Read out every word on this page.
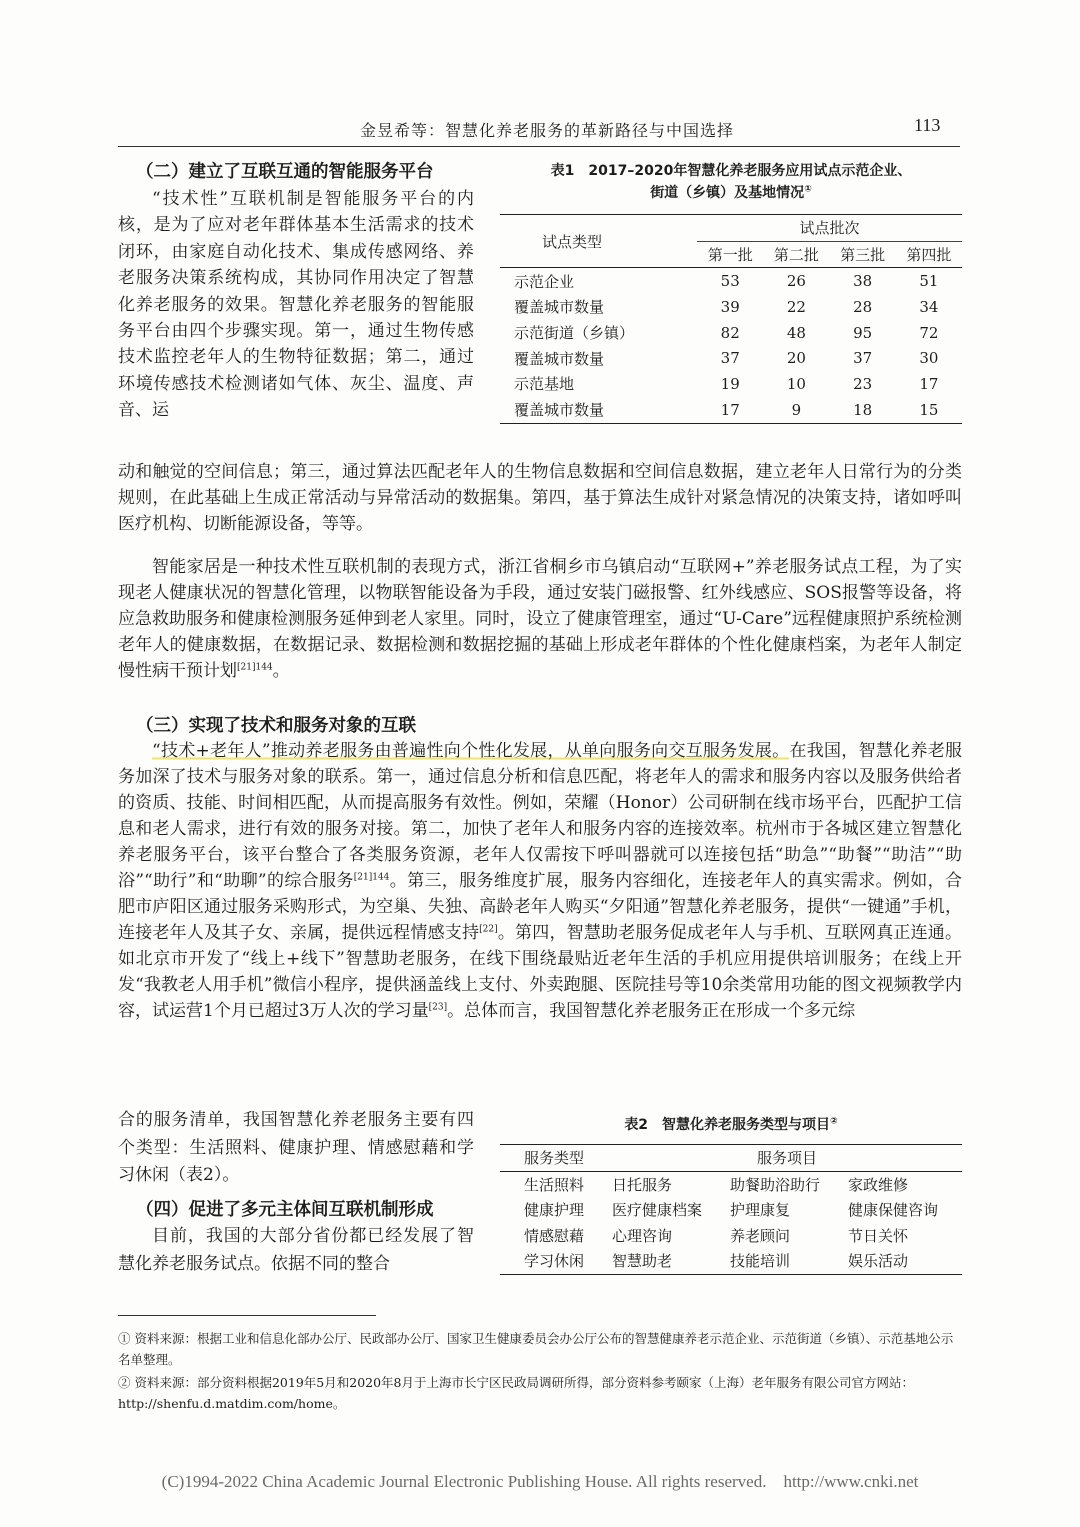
金昱希等：智慧化养老服务的革新路径与中国选择	113
（二）建立了互联互通的智能服务平台
“技术性”互联机制是智能服务平台的内核，是为了应对老年群体基本生活需求的技术闭环，由家庭自动化技术、集成传感网络、养老服务决策系统构成，其协同作用决定了智慧化养老服务的效果。智慧化养老服务的智能服务平台由四个步骤实现。第一，通过生物传感技术监控老年人的生物特征数据；第二，通过环境传感技术检测诸如气体、灰尘、温度、声音、运
表1　2017–2020年智慧化养老服务应用试点示范企业、
街道（乡镇）及基地情况①
试点类型	试点批次			
	第一批	第二批	第三批	第四批
示范企业	53	26	38	51
覆盖城市数量	39	22	28	34
示范街道（乡镇）	82	48	95	72
覆盖城市数量	37	20	37	30
示范基地	19	10	23	17
覆盖城市数量	17	9	18	15
动和触觉的空间信息；第三，通过算法匹配老年人的生物信息数据和空间信息数据，建立老年人日常行为的分类规则，在此基础上生成正常活动与异常活动的数据集。第四，基于算法生成针对紧急情况的决策支持，诸如呼叫医疗机构、切断能源设备，等等。
智能家居是一种技术性互联机制的表现方式，浙江省桐乡市乌镇启动“互联网+”养老服务试点工程，为了实现老人健康状况的智慧化管理，以物联智能设备为手段，通过安装门磁报警、红外线感应、SOS报警等设备，将应急救助服务和健康检测服务延伸到老人家里。同时，设立了健康管理室，通过“U-Care”远程健康照护系统检测老年人的健康数据，在数据记录、数据检测和数据挖掘的基础上形成老年群体的个性化健康档案，为老年人制定慢性病干预计划$^{[21]144}$。
（三）实现了技术和服务对象的互联
“技术+老年人”推动养老服务由普遍性向个性化发展，从单向服务向交互服务发展。在我国，智慧化养老服务加深了技术与服务对象的联系。第一，通过信息分析和信息匹配，将老年人的需求和服务内容以及服务供给者的资质、技能、时间相匹配，从而提高服务有效性。例如，荣耀（Honor）公司研制在线市场平台，匹配护工信息和老人需求，进行有效的服务对接。第二，加快了老年人和服务内容的连接效率。杭州市于各城区建立智慧化养老服务平台，该平台整合了各类服务资源，老年人仅需按下呼叫器就可以连接包括“助急”“助餐”“助洁”“助浴”“助行”和“助聊”的综合服务$^{[21]144}$。第三，服务维度扩展，服务内容细化，连接老年人的真实需求。例如，合肥市庐阳区通过服务采购形式，为空巢、失独、高龄老年人购买“夕阳通”智慧化养老服务，提供“一键通”手机，连接老年人及其子女、亲属，提供远程情感支持[22]。第四，智慧助老服务促成老年人与手机、互联网真正连通。如北京市开发了“线上+线下”智慧助老服务，在线下围绕最贴近老年生活的手机应用提供培训服务；在线上开发“我教老人用手机”微信小程序，提供涵盖线上支付、外卖跑腿、医院挂号等10余类常用功能的图文视频教学内容，试运营1个月已超过3万人次的学习量[23]。总体而言，我国智慧化养老服务正在形成一个多元综
合的服务清单，我国智慧化养老服务主要有四个类型：生活照料、健康护理、情感慰藉和学习休闲（表2）。
（四）促进了多元主体间互联机制形成
目前，我国的大部分省份都已经发展了智慧化养老服务试点。依据不同的整合
表2　智慧化养老服务类型与项目②
服务类型	服务项目		
生活照料	日托服务	助餐助浴助行	家政维修
健康护理	医疗健康档案	护理康复	健康保健咨询
情感慰藉	心理咨询	养老顾问	节日关怀
学习休闲	智慧助老	技能培训	娱乐活动
① 资料来源：根据工业和信息化部办公厅、民政部办公厅、国家卫生健康委员会办公厅公布的智慧健康养老示范企业、示范街道（乡镇）、示范基地公示名单整理。
② 资料来源：部分资料根据2019年5月和2020年8月于上海市长宁区民政局调研所得，部分资料参考颐家（上海）老年服务有限公司官方网站：http://shenfu.d.matdim.com/home。
(C)1994-2022 China Academic Journal Electronic Publishing House. All rights reserved.    http://www.cnki.net
